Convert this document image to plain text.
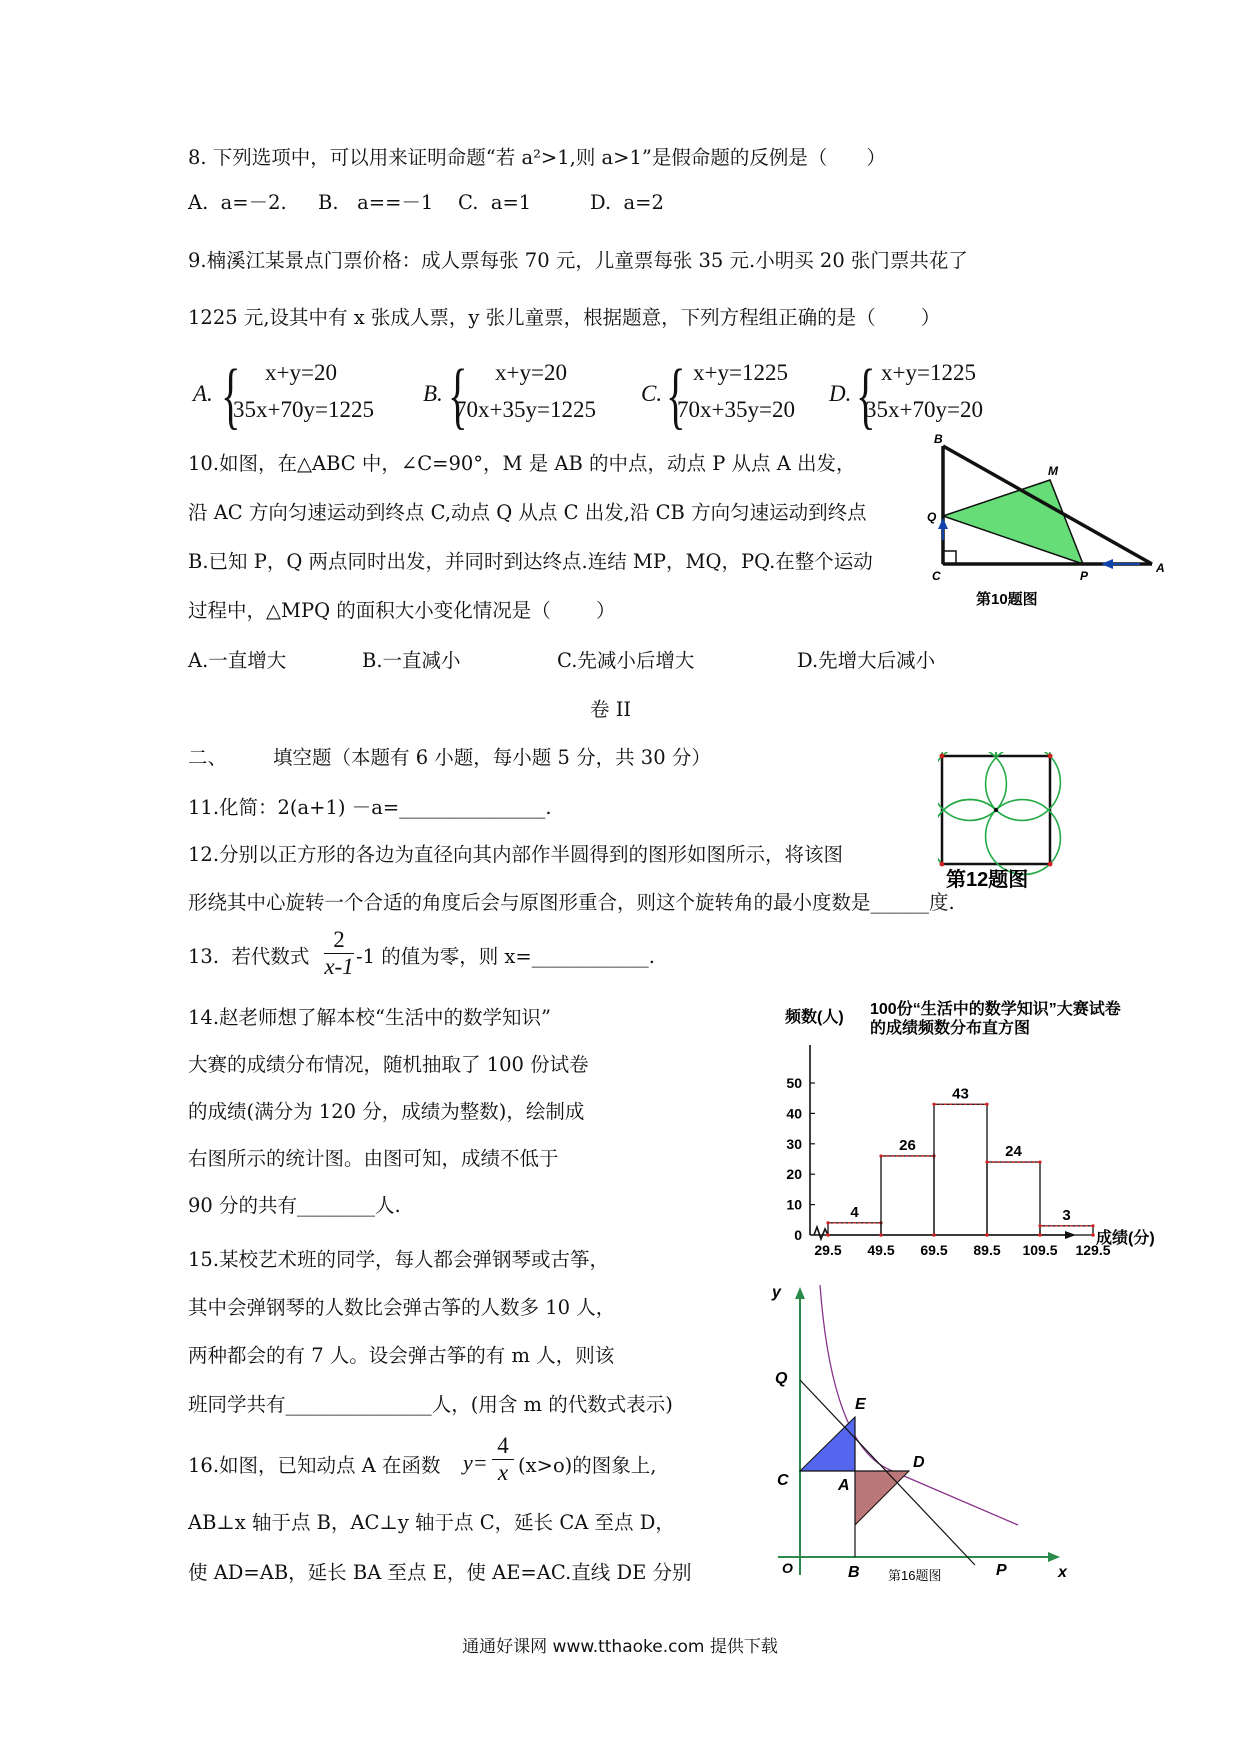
8. 下列选项中，可以用来证明命题“若 a²>1,则 a>1”是假命题的反例是（　　）
A.  a=－2. B.   a==－1 C.  a=1	D.  a=2
9.楠溪江某景点门票价格：成人票每张 70 元，儿童票每张 35 元.小明买 20 张门票共花了
1225 元,设其中有 x 张成人票，y 张儿童票，根据题意，下列方程组正确的是（　　 ）
A. { x+y=20
35x+70y=1225
B. { x+y=20
70x+35y=1225
C. { x+y=1225
70x+35y=20
D. { x+y=1225
35x+70y=20
10.如图，在△ABC 中，∠C=90°，M 是 AB 的中点，动点 P 从点 A 出发，
沿 AC 方向匀速运动到终点 C,动点 Q 从点 C 出发,沿 CB 方向匀速运动到终点
B.已知 P，Q 两点同时出发，并同时到达终点.连结 MP，MQ，PQ.在整个运动
过程中，△MPQ 的面积大小变化情况是（　　 ）
A.一直增大	B.一直减小	C.先减小后增大	D.先增大后减小
B
M
Q
C	P
A
第10题图
卷 II
二、 填空题（本题有 6 小题，每小题 5 分，共 30 分）
11.化简：2(a+1) －a=_______________.
12.分别以正方形的各边为直径向其内部作半圆得到的图形如图所示，将该图
形绕其中心旋转一个合适的角度后会与原图形重合，则这个旋转角的最小度数是______度.
第12题图
13.  若代数式
2
x-1 -1 的值为零，则 x=____________.
14.赵老师想了解本校“生活中的数学知识”
大赛的成绩分布情况，随机抽取了 100 份试卷
的成绩(满分为 120 分，成绩为整数)，绘制成
右图所示的统计图。由图可知，成绩不低于
90 分的共有________人.
100份“生活中的数学知识”大赛试卷
的成绩频数分布直方图
频数(人)
成绩(分)
0
10
20
30
40
50
4
26
43
24
3
29.5 49.5 69.5 89.5 109.5 129.5
15.某校艺术班的同学，每人都会弹钢琴或古筝，
其中会弹钢琴的人数比会弹古筝的人数多 10 人，
两种都会的有 7 人。设会弹古筝的有 m 人，则该
班同学共有_______________人，(用含 m 的代数式表示)
16.如图，已知动点 A 在函数 y=
4
x (x>o)的图象上,
AB⊥x 轴于点 B，AC⊥y 轴于点 C，延长 CA 至点 D，
使 AD=AB，延长 BA 至点 E，使 AE=AC.直线 DE 分别
y
Q
E
C	A
D
O	B	P	x
第16题图
通通好课网 www.tthaoke.com 提供下载
